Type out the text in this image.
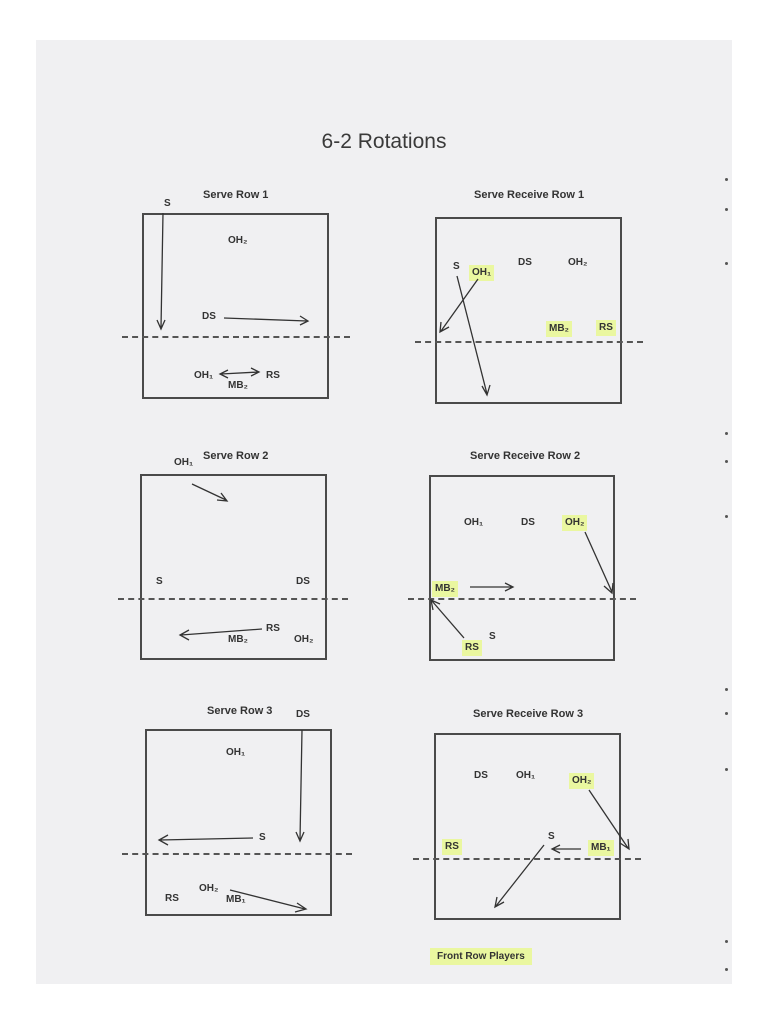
6-2 Rotations
Serve Row 1
S
OH₂
DS
OH₁
MB₂
RS
Serve Receive Row 1
S
OH₁
DS	OH₂
MB₂	RS
Serve Row 2
OH₁
S	DS
RS
MB₂	OH₂
Serve Receive Row 2
OH₁	DS	OH₂
MB₂
S
RS
Serve Row 3 DS
OH₁
S
OH₂
MB₁
RS
Serve Receive Row 3
DS	OH₁	OH₂
RS
S
MB₁
Front Row Players
